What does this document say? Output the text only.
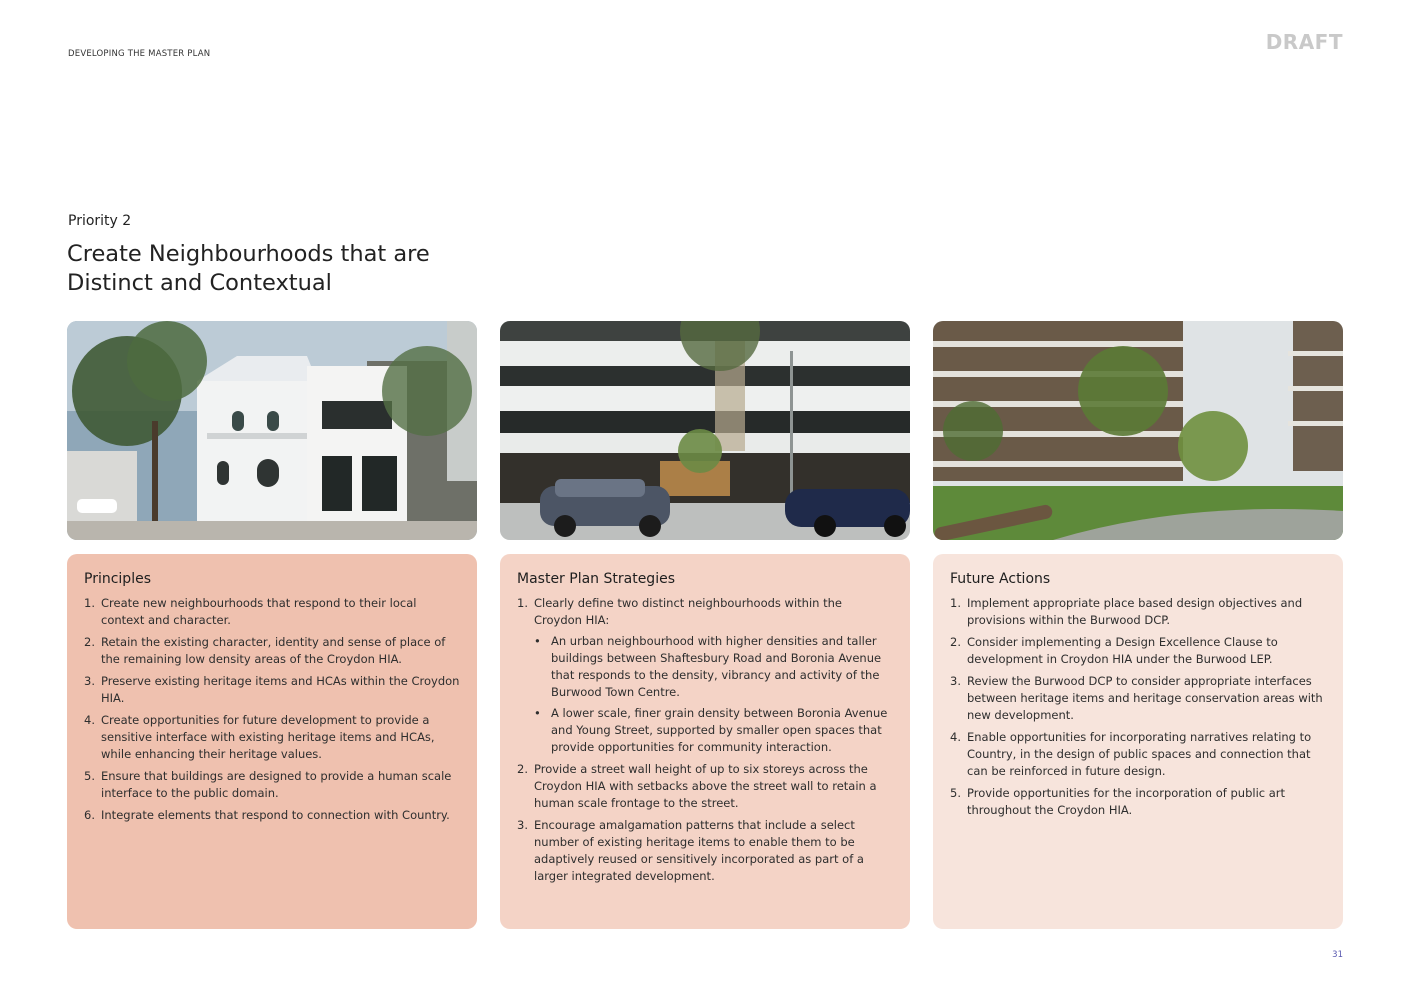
DEVELOPING THE MASTER PLAN	DRAFT
Priority 2
Create Neighbourhoods that are Distinct and Contextual
Principles
1. Create new neighbourhoods that respond to their local context and character.
2. Retain the existing character, identity and sense of place of the remaining low density areas of the Croydon HIA.
3. Preserve existing heritage items and HCAs within the Croydon HIA.
4. Create opportunities for future development to provide a sensitive interface with existing heritage items and HCAs, while enhancing their heritage values.
5. Ensure that buildings are designed to provide a human scale interface to the public domain.
6. Integrate elements that respond to connection with Country.
Master Plan Strategies
1. Clearly define two distinct neighbourhoods within the Croydon HIA:
• An urban neighbourhood with higher densities and taller buildings between Shaftesbury Road and Boronia Avenue that responds to the density, vibrancy and activity of the Burwood Town Centre.
• A lower scale, finer grain density between Boronia Avenue and Young Street, supported by smaller open spaces that provide opportunities for community interaction.
2. Provide a street wall height of up to six storeys across the Croydon HIA with setbacks above the street wall to retain a human scale frontage to the street.
3. Encourage amalgamation patterns that include a select number of existing heritage items to enable them to be adaptively reused or sensitively incorporated as part of a larger integrated development.
Future Actions
1. Implement appropriate place based design objectives and provisions within the Burwood DCP.
2. Consider implementing a Design Excellence Clause to development in Croydon HIA under the Burwood LEP.
3. Review the Burwood DCP to consider appropriate interfaces between heritage items and heritage conservation areas with new development.
4. Enable opportunities for incorporating narratives relating to Country, in the design of public spaces and connection that can be reinforced in future design.
5. Provide opportunities for the incorporation of public art throughout the Croydon HIA.
31
